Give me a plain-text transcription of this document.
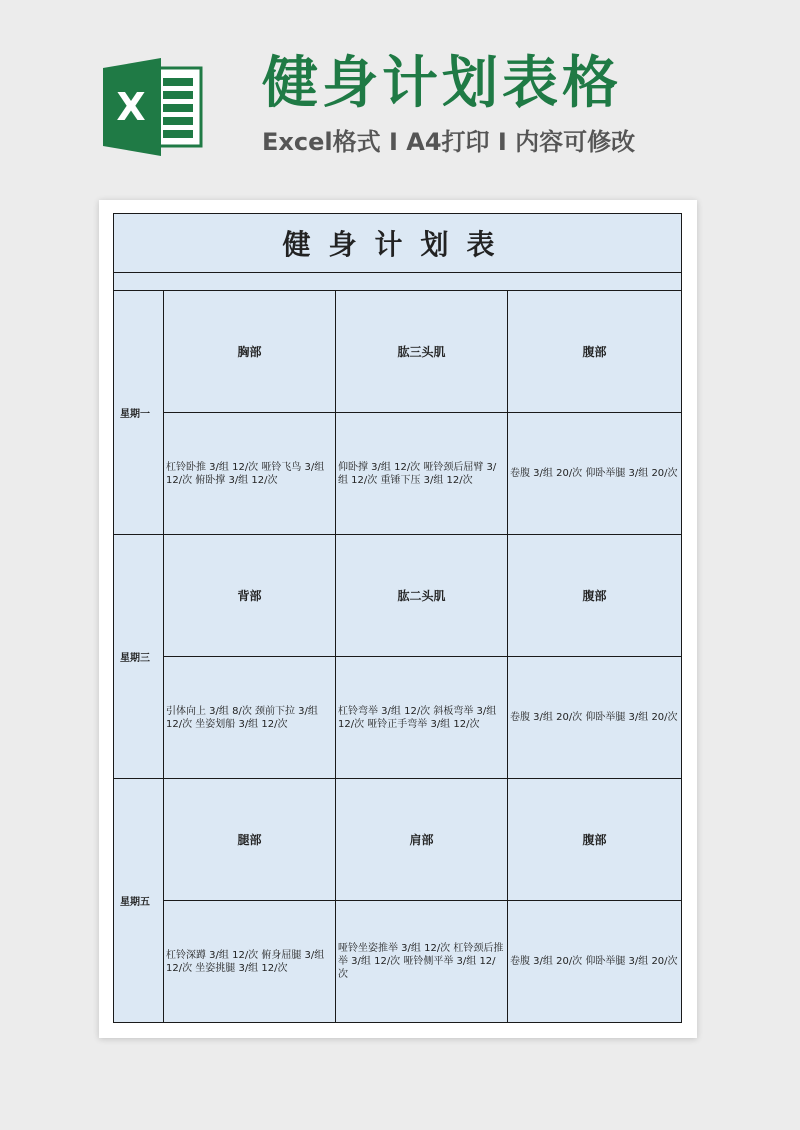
X 健身计划表格
Excel格式 I A4打印 I 内容可修改
健身计划表			

星期一	胸部	肱三头肌	腹部
	杠铃卧推 3/组 12/次 哑铃飞鸟 3/组 12/次 俯卧撑 3/组 12/次	仰卧撑 3/组 12/次 哑铃颈后屈臂 3/组 12/次 重锤下压 3/组 12/次	卷腹 3/组 20/次 仰卧举腿 3/组 20/次
星期三	背部	肱二头肌	腹部
	引体向上 3/组 8/次 颈前下拉 3/组 12/次 坐姿划船 3/组 12/次	杠铃弯举 3/组 12/次 斜板弯举 3/组 12/次 哑铃正手弯举 3/组 12/次	卷腹 3/组 20/次 仰卧举腿 3/组 20/次
星期五	腿部	肩部	腹部
	杠铃深蹲 3/组 12/次 俯身屈腿 3/组 12/次 坐姿挑腿 3/组 12/次	哑铃坐姿推举 3/组 12/次 杠铃颈后推举 3/组 12/次 哑铃侧平举 3/组 12/次	卷腹 3/组 20/次 仰卧举腿 3/组 20/次
